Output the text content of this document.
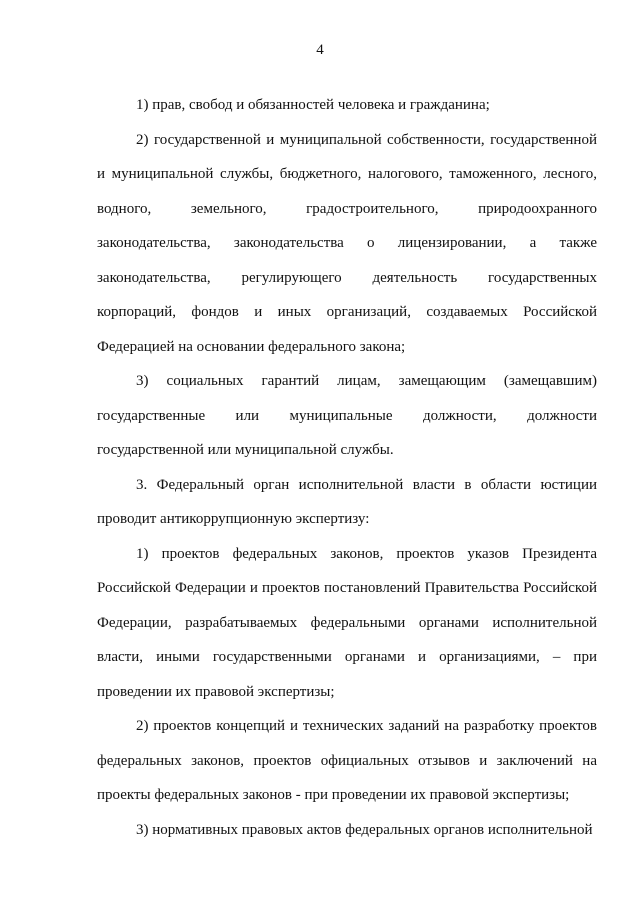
4

1) прав, свобод и обязанностей человека и гражданина;

2) государственной и муниципальной собственности, государственной и муниципальной службы, бюджетного, налогового, таможенного, лесного, водного, земельного, градостроительного, природоохранного законодательства, законодательства о лицензировании, а также законодательства, регулирующего деятельность государственных корпораций, фондов и иных организаций, создаваемых Российской Федерацией на основании федерального закона;

3) социальных гарантий лицам, замещающим (замещавшим) государственные или муниципальные должности, должности государственной или муниципальной службы.

3. Федеральный орган исполнительной власти в области юстиции проводит антикоррупционную экспертизу:

1) проектов федеральных законов, проектов указов Президента Российской Федерации и проектов постановлений Правительства Российской Федерации, разрабатываемых федеральными органами исполнительной власти, иными государственными органами и организациями, – при проведении их правовой экспертизы;

2) проектов концепций и технических заданий на разработку проектов федеральных законов, проектов официальных отзывов и заключений на проекты федеральных законов - при проведении их правовой экспертизы;

3) нормативных правовых актов федеральных органов исполнительной
